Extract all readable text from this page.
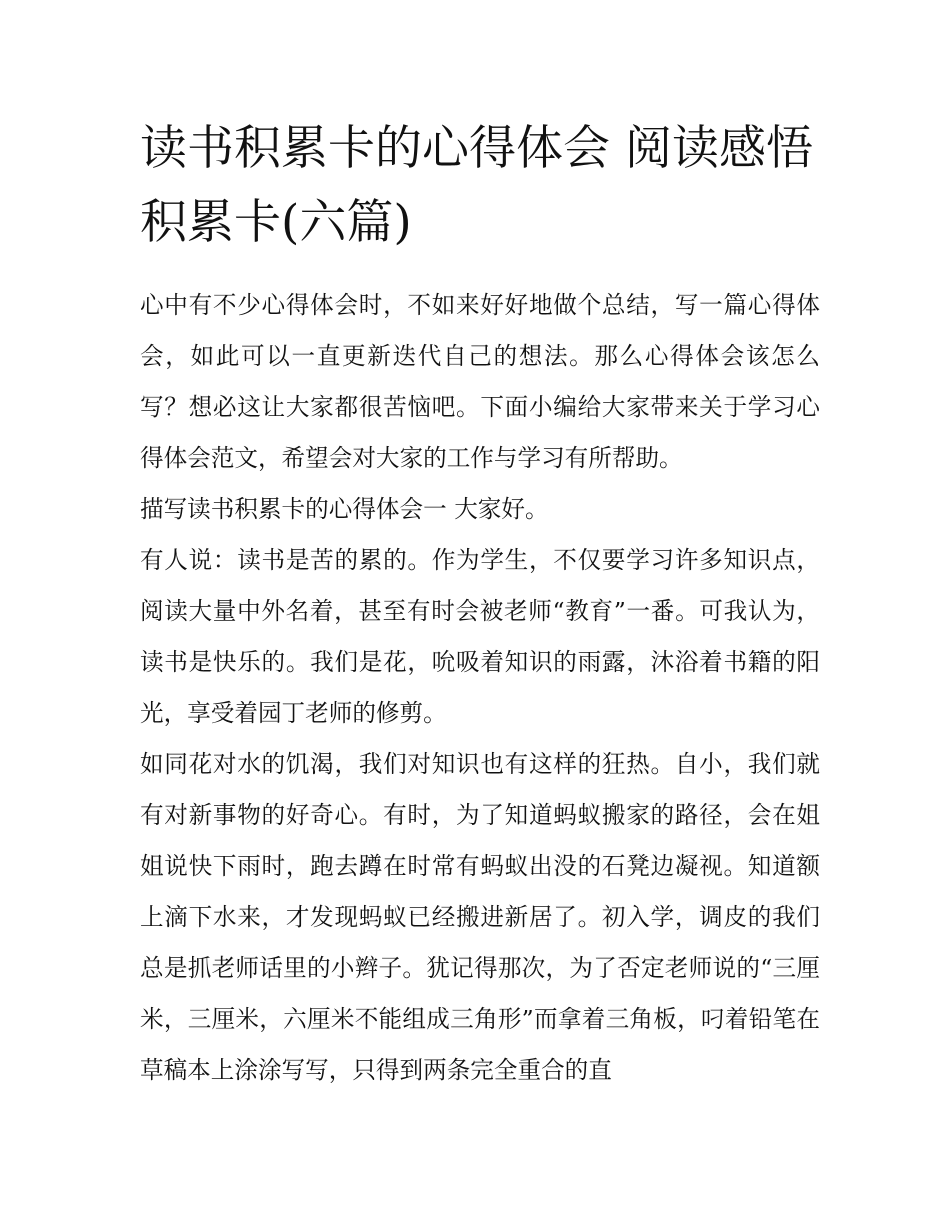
读书积累卡的心得体会 阅读感悟积累卡(六篇)

心中有不少心得体会时，不如来好好地做个总结，写一篇心得体会，如此可以一直更新迭代自己的想法。那么心得体会该怎么写？想必这让大家都很苦恼吧。下面小编给大家带来关于学习心得体会范文，希望会对大家的工作与学习有所帮助。

描写读书积累卡的心得体会一 大家好。

有人说：读书是苦的累的。作为学生，不仅要学习许多知识点，阅读大量中外名着，甚至有时会被老师“教育”一番。可我认为，读书是快乐的。我们是花，吮吸着知识的雨露，沐浴着书籍的阳光，享受着园丁老师的修剪。

如同花对水的饥渴，我们对知识也有这样的狂热。自小，我们就有对新事物的好奇心。有时，为了知道蚂蚁搬家的路径，会在姐姐说快下雨时，跑去蹲在时常有蚂蚁出没的石凳边凝视。知道额上滴下水来，才发现蚂蚁已经搬进新居了。初入学，调皮的我们总是抓老师话里的小辫子。犹记得那次，为了否定老师说的“三厘米，三厘米，六厘米不能组成三角形”而拿着三角板，叼着铅笔在草稿本上涂涂写写，只得到两条完全重合的直
